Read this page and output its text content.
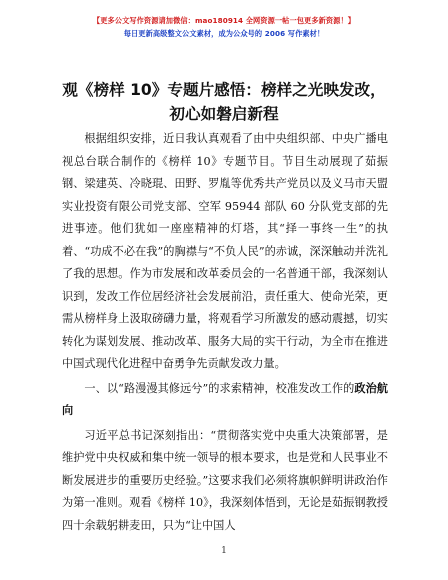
【更多公文写作资源请加微信：mao180914 全网资源一帖一包更多新资源！】
每日更新高级整文公文素材，成为公众号的 2006 写作素材！
观《榜样 10》专题片感悟：榜样之光映发改，
初心如磐启新程

根据组织安排，近日我认真观看了由中央组织部、中央广播电视总台联合制作的《榜样 10》专题节目。节目生动展现了茹振钢、梁建英、冷晓琨、田野、罗胤等优秀共产党员以及义马市天盟实业投资有限公司党支部、空军 95944 部队 60 分队党支部的先进事迹。他们犹如一座座精神的灯塔，其“择一事终一生”的执着、“功成不必在我”的胸襟与“不负人民”的赤诚，深深触动并洗礼了我的思想。作为市发展和改革委员会的一名普通干部，我深刻认识到，发改工作位居经济社会发展前沿，责任重大、使命光荣，更需从榜样身上汲取磅礴力量，将观看学习所激发的感动震撼，切实转化为谋划发展、推动改革、服务大局的实干行动，为全市在推进中国式现代化进程中奋勇争先贡献发改力量。

一、以“路漫漫其修远兮”的求索精神，校准发改工作的政治航向

习近平总书记深刻指出：“贯彻落实党中央重大决策部署，是维护党中央权威和集中统一领导的根本要求，也是党和人民事业不断发展进步的重要历史经验。”这要求我们必须将旗帜鲜明讲政治作为第一准则。观看《榜样 10》，我深刻体悟到，无论是茹振钢教授四十余载躬耕麦田，只为“让中国人

1
